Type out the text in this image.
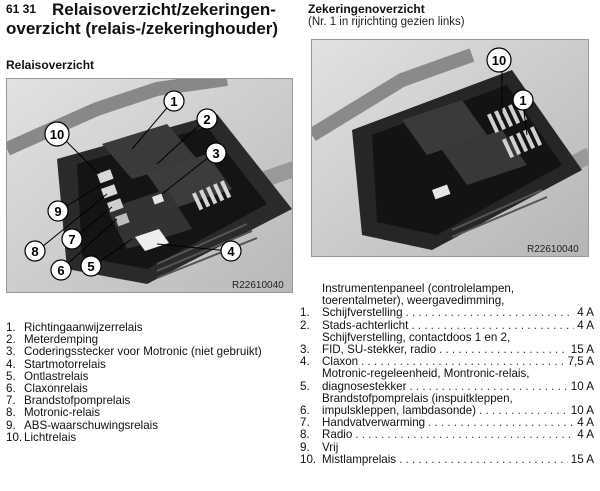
61 31 Relaisoverzicht/zekeringen-
overzicht (relais-/zekeringhouder)
Relaisoverzicht
Zekeringenoverzicht
(Nr. 1 in rijrichting gezien links)
1
2
3
4
5
6
7
8
9
10
R22610040
10
1
R22610040
1. Richtingaanwijzerrelais
2. Meterdemping
3. Coderingsstecker voor Motronic (niet gebruikt)
4. Startmotorrelais
5. Ontlastrelais
6. Claxonrelais
7. Brandstofpomprelais
8. Motronic-relais
9. ABS-waarschuwingsrelais
10. Lichtrelais
1.
Instrumentenpaneel (controlelampen,
toerentalmeter), weergavedimming,
Schijfverstelling . . .	4 A
2.	Stads-achterlicht . . .	4 A
3.
Schijfverstelling, contactdoos 1 en 2,
FID, SU-stekker, radio . . .	15 A
4.	Claxon . . .	7,5 A
5.
Motronic-regeleenheid, Montronic-relais,
diagnosestekker . . .	10 A
6.
Brandstofpomprelais (inspuitkleppen,
impulskleppen, lambdasonde) . . .	10 A
7.	Handvatverwarming . . .	4 A
8.	Radio . . .	4 A
9.	Vrij
10. Mistlamprelais . . .	15 A
